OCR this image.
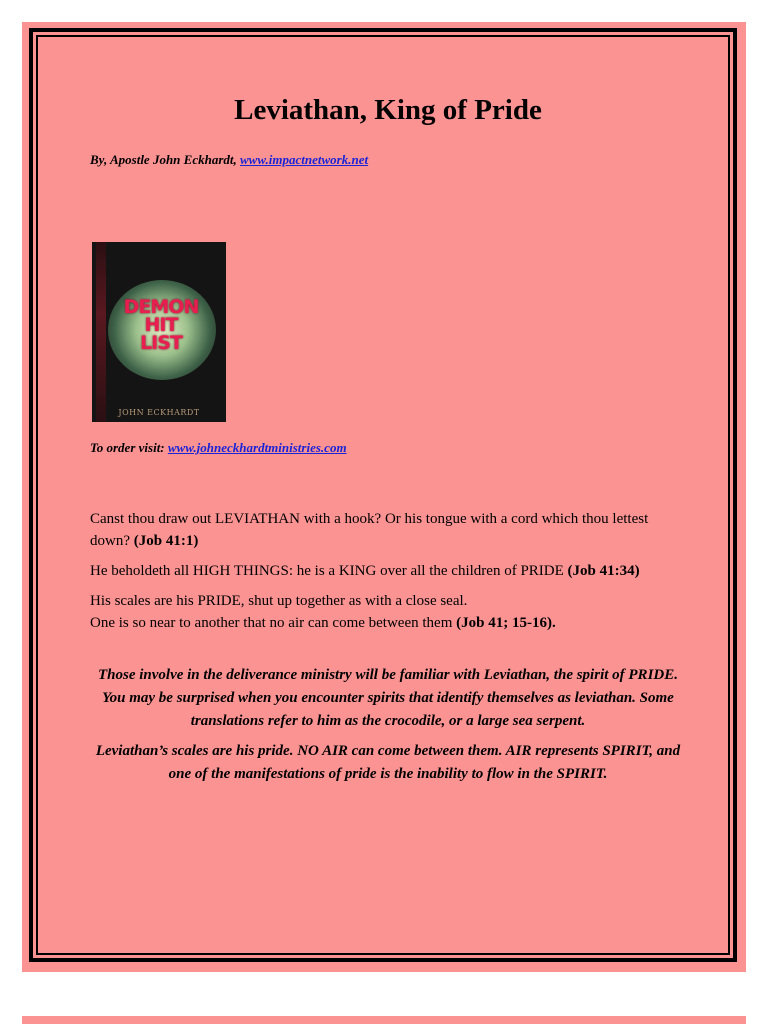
Leviathan, King of Pride
By, Apostle John Eckhardt, www.impactnetwork.net
DEMON
HIT
LIST
JOHN ECKHARDT
To order visit: www.johneckhardtministries.com

Canst thou draw out LEVIATHAN with a hook? Or his tongue with a cord which thou lettest down? (Job 41:1)

He beholdeth all HIGH THINGS: he is a KING over all the children of PRIDE (Job 41:34)

His scales are his PRIDE, shut up together as with a close seal.
One is so near to another that no air can come between them (Job 41; 15-16).

Those involve in the deliverance ministry will be familiar with Leviathan, the spirit of PRIDE. You may be surprised when you encounter spirits that identify themselves as leviathan. Some translations refer to him as the crocodile, or a large sea serpent.

Leviathan’s scales are his pride. NO AIR can come between them. AIR represents SPIRIT, and one of the manifestations of pride is the inability to flow in the SPIRIT.
